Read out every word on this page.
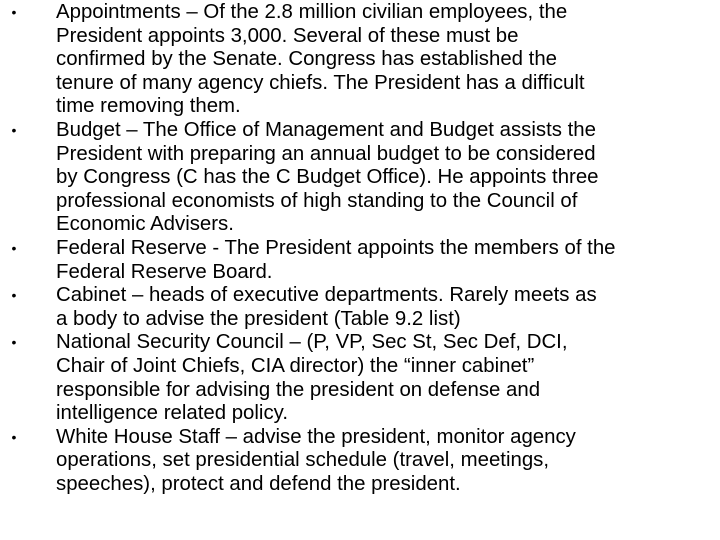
•	Appointments – Of the 2.8 million civilian employees, the
President appoints 3,000. Several of these must be
confirmed by the Senate. Congress has established the
tenure of many agency chiefs. The President has a difficult
time removing them.
•	Budget – The Office of Management and Budget assists the
President with preparing an annual budget to be considered
by Congress (C has the C Budget Office). He appoints three
professional economists of high standing to the Council of
Economic Advisers.
•	Federal Reserve - The President appoints the members of the
Federal Reserve Board.
•	Cabinet – heads of executive departments. Rarely meets as
a body to advise the president (Table 9.2 list)
•	National Security Council – (P, VP, Sec St, Sec Def, DCI,
Chair of Joint Chiefs, CIA director) the “inner cabinet”
responsible for advising the president on defense and
intelligence related policy.
•	White House Staff – advise the president, monitor agency
operations, set presidential schedule (travel, meetings,
speeches), protect and defend the president.
